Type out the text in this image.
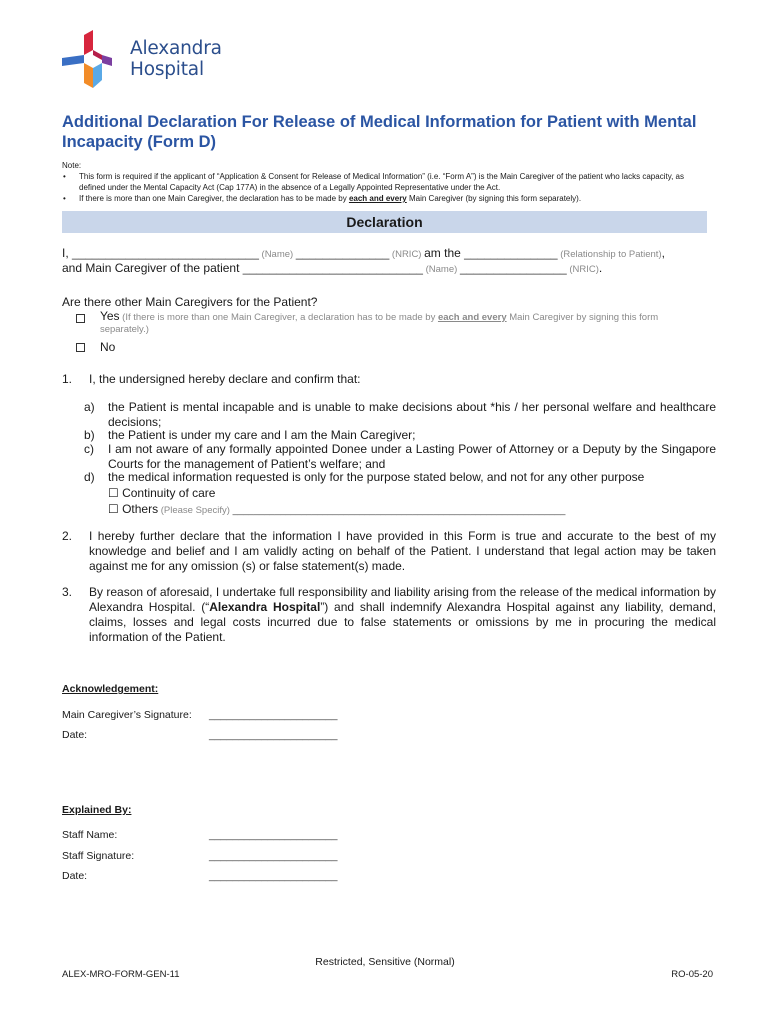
Alexandra
Hospital
Additional Declaration For Release of Medical Information for Patient with Mental Incapacity (Form D)
Note:
• This form is required if the applicant of “Application & Consent for Release of Medical Information” (i.e. “Form A”) is the Main Caregiver of the patient who lacks capacity, as defined under the Mental Capacity Act (Cap 177A) in the absence of a Legally Appointed Representative under the Act.
• If there is more than one Main Caregiver, the declaration has to be made by each and every Main Caregiver (by signing this form separately).
Declaration
I, ____________________________ (Name) ______________ (NRIC) am the ______________ (Relationship to Patient),
and Main Caregiver of the patient ___________________________ (Name) ________________ (NRIC).
Are there other Main Caregivers for the Patient?
Yes (If there is more than one Main Caregiver, a declaration has to be made by each and every Main Caregiver by signing this form separately.)
No
1. I, the undersigned hereby declare and confirm that:
a) the Patient is mental incapable and is unable to make decisions about *his / her personal welfare and healthcare decisions;
b) the Patient is under my care and I am the Main Caregiver;
c) I am not aware of any formally appointed Donee under a Lasting Power of Attorney or a Deputy by the Singapore Courts for the management of Patient’s welfare; and
d) the medical information requested is only for the purpose stated below, and not for any other purpose
☐ Continuity of care
☐ Others (Please Specify) _______________________________________________________________
2. I hereby further declare that the information I have provided in this Form is true and accurate to the best of my knowledge and belief and I am validly acting on behalf of the Patient. I understand that legal action may be taken against me for any omission (s) or false statement(s) made.
3. By reason of aforesaid, I undertake full responsibility and liability arising from the release of the medical information by Alexandra Hospital. (“Alexandra Hospital”) and shall indemnify Alexandra Hospital against any liability, demand, claims, losses and legal costs incurred due to false statements or omissions by me in procuring the medical information of the Patient.
Acknowledgement:
Main Caregiver’s Signature: ______________________
Date:	______________________
Explained By:
Staff Name:	______________________
Staff Signature:	______________________
Date:	______________________
Restricted, Sensitive (Normal)
ALEX-MRO-FORM-GEN-11	RO-05-20
